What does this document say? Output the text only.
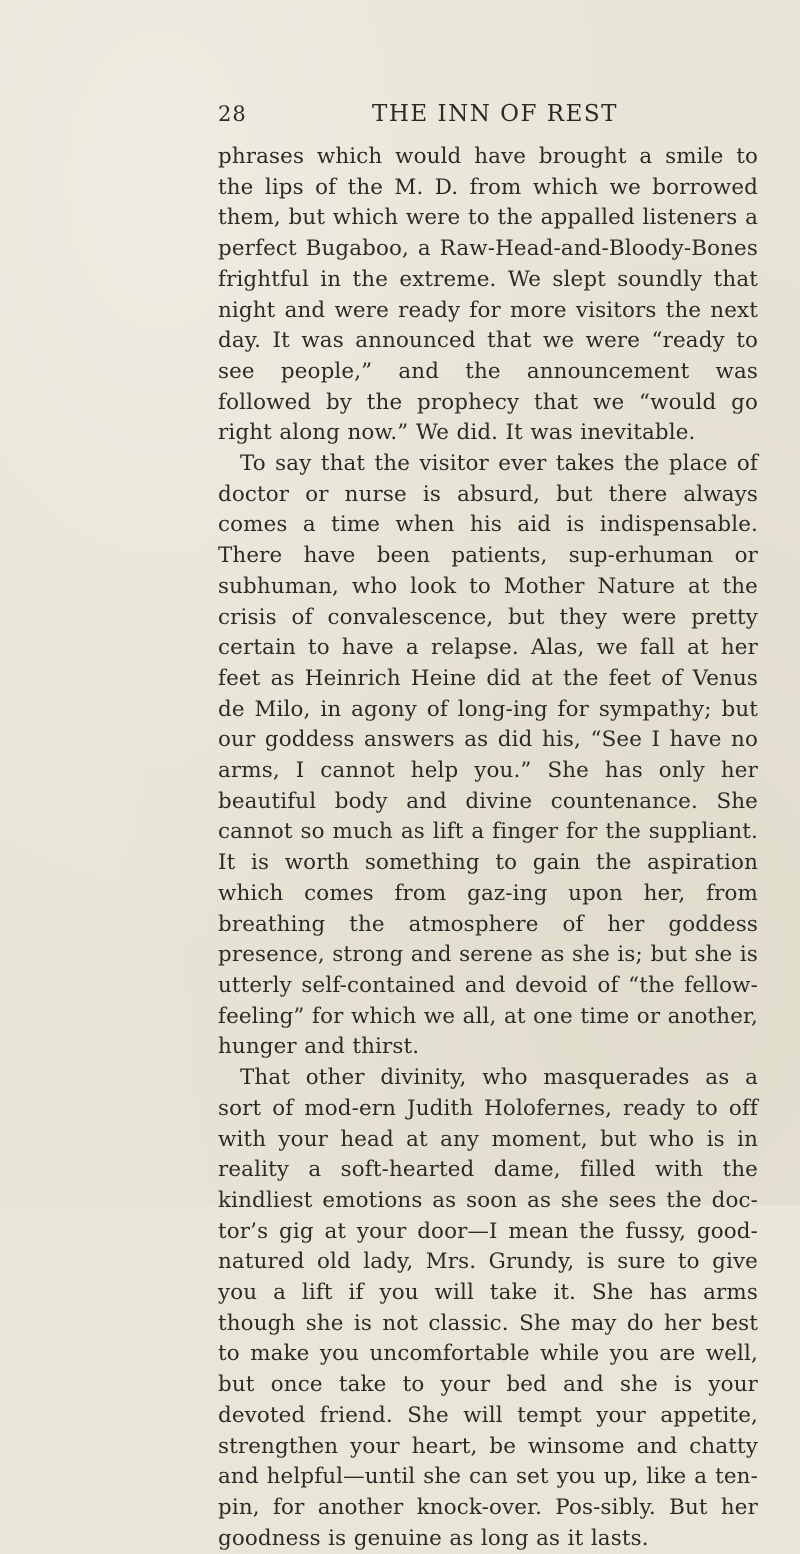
28	THE INN OF REST

phrases which would have brought a smile to the lips of the M. D. from which we borrowed them, but which were to the appalled listeners a perfect Bugaboo, a Raw-Head-and-Bloody-Bones frightful in the extreme. We slept soundly that night and were ready for more visitors the next day. It was announced that we were “ready to see people,” and the announcement was followed by the prophecy that we “would go right along now.” We did. It was inevitable.

To say that the visitor ever takes the place of doctor or nurse is absurd, but there always comes a time when his aid is indispensable. There have been patients, sup-erhuman or subhuman, who look to Mother Nature at the crisis of convalescence, but they were pretty certain to have a relapse. Alas, we fall at her feet as Heinrich Heine did at the feet of Venus de Milo, in agony of long-ing for sympathy; but our goddess answers as did his, “See I have no arms, I cannot help you.” She has only her beautiful body and divine countenance. She cannot so much as lift a finger for the suppliant. It is worth something to gain the aspiration which comes from gaz-ing upon her, from breathing the atmosphere of her goddess presence, strong and serene as she is; but she is utterly self-contained and devoid of “the fellow-feeling” for which we all, at one time or another, hunger and thirst.

That other divinity, who masquerades as a sort of mod-ern Judith Holofernes, ready to off with your head at any moment, but who is in reality a soft-hearted dame, filled with the kindliest emotions as soon as she sees the doc-tor’s gig at your door—I mean the fussy, good-natured old lady, Mrs. Grundy, is sure to give you a lift if you will take it. She has arms though she is not classic. She may do her best to make you uncomfortable while you are well, but once take to your bed and she is your devoted friend. She will tempt your appetite, strengthen your heart, be winsome and chatty and helpful—until she can set you up, like a ten-pin, for another knock-over. Pos-sibly. But her goodness is genuine as long as it lasts.
